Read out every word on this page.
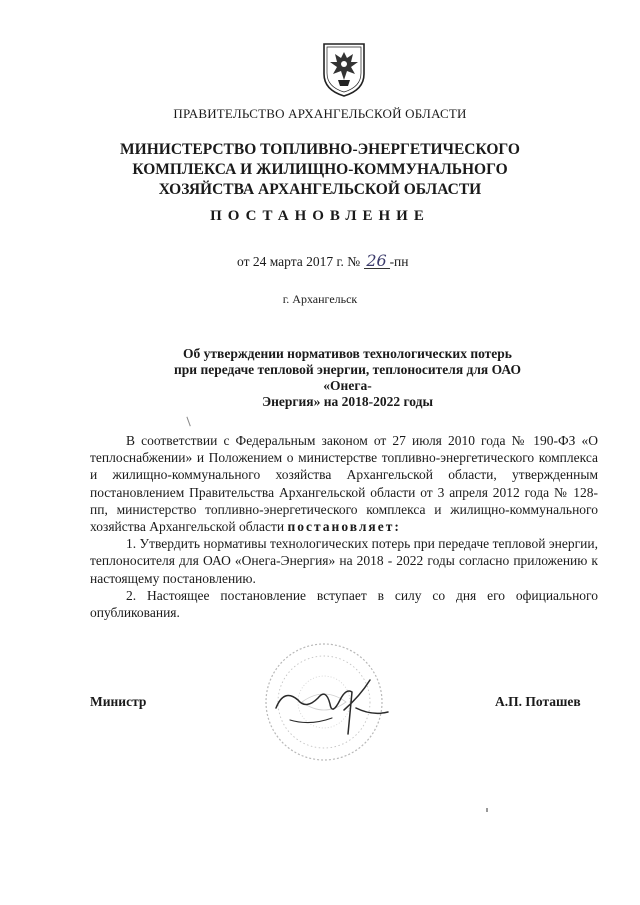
ПРАВИТЕЛЬСТВО АРХАНГЕЛЬСКОЙ ОБЛАСТИ
МИНИСТЕРСТВО ТОПЛИВНО-ЭНЕРГЕТИЧЕСКОГО
КОМПЛЕКСА И ЖИЛИЩНО-КОММУНАЛЬНОГО
ХОЗЯЙСТВА АРХАНГЕЛЬСКОЙ ОБЛАСТИ
ПОСТАНОВЛЕНИЕ
от 24 марта 2017 г. № 26 -пн
г. Архангельск
Об утверждении нормативов технологических потерь
при передаче тепловой энергии, теплоносителя для ОАО «Онега-
Энергия» на 2018-2022 годы

В соответствии с Федеральным законом от 27 июля 2010 года № 190-ФЗ «О теплоснабжении» и Положением о министерстве топливно-энергетического комплекса и жилищно-коммунального хозяйства Архангельской области, утвержденным постановлением Правительства Архангельской области от 3 апреля 2012 года № 128-пп, министерство топливно-энергетического комплекса и жилищно-коммунального хозяйства Архангельской области постановляет:

1. Утвердить нормативы технологических потерь при передаче тепловой энергии, теплоносителя для ОАО «Онега-Энергия» на 2018 - 2022 годы согласно приложению к настоящему постановлению.

2. Настоящее постановление вступает в силу со дня его официального опубликования.

Министр	А.П. Поташев
